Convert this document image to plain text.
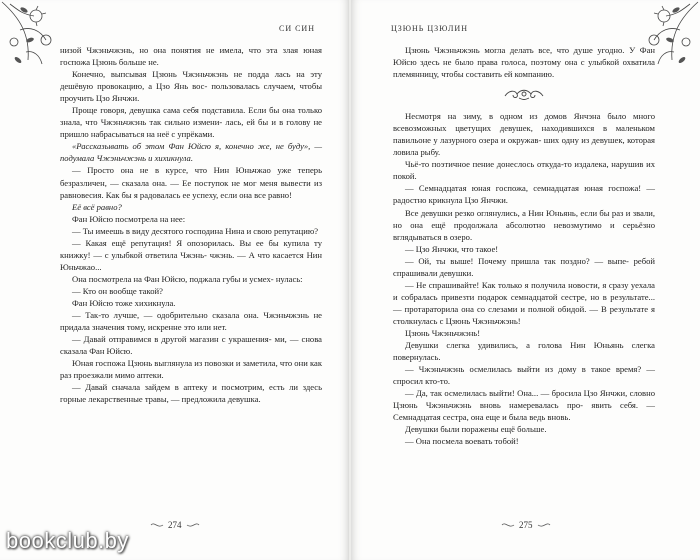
СИ СИН

низой Чжэньчжэнь, но она понятия не имела, что эта злая юная госпожа Цзюнь больше не.

Конечно, выпсывая Цзюнь Чжэньчжэнь не подда лась на эту дешёвую провокацию, а Цзо Янь вос- пользовалась случаем, чтобы проучить Цзо Янчжи.

Проще говоря, девушка сама себя подставила. Если бы она только знала, что Чжэньчжэнь так сильно измени- лась, ей бы и в голову не пришло набрасываться на неё с упрёками.

«Рассказывать об этом Фан Юйсю я, конечно же, не буду», — подумала Чжэньчжэнь и хихикнула.

— Просто она не в курсе, что Нин Юньчжао уже теперь безразличен, — сказала она. — Ее поступок не мог меня вывести из равновесия. Как бы я радовалась ее успеху, если она все равно!

Её всё равно?

Фан Юйсю посмотрела на нее:

— Ты имеешь в виду десятого господина Нина и свою репутацию?

— Какая ещё репутация! Я опозорилась. Вы ее бы купила ту книжку! — с улыбкой ответила Чжэнь- чжэнь. — А что касается Нин Юньчжао...

Она посмотрела на Фан Юйсю, поджала губы и усмех- нулась:

— Кто он вообще такой?

Фан Юйсю тоже хихикнула.

— Так-то лучше, — одобрительно сказала она. Чжэньчжэнь не придала значения тому, искренне это или нет.

— Давай отправимся в другой магазин с украшения- ми, — снова сказала Фан Юйсю.

Юная госпожа Цзюнь выглянула из повозки и заметила, что они как раз проезжали мимо аптеки.

— Давай сначала зайдем в аптеку и посмотрим, есть ли здесь горные лекарственные травы, — предложила девушка.

274
ЦЗЮНЬ ЦЗЮЛИН

Цзюнь Чжэньчжэнь могла делать все, что душе угодно. У Фан Юйсю здесь не было права голоса, поэтому она с улыбкой охватила племянницу, чтобы составить ей компанию.

Несмотря на зиму, в одном из домов Янчэна было много всевозможных цветущих девушек, находившихся в маленьком павильоне у лазурного озера и окружав- ших одну из девушек, которая ловила рыбу.

Чьё-то поэтичное пение донеслось откуда-то издалека, нарушив их покой.

— Семнадцатая юная госпожа, семнадцатая юная госпожа! — радостно крикнула Цзо Янчжи.

Все девушки резко оглянулись, а Нин Юньянь, если бы раз и звали, но она ещё продолжала абсолютно невозмутимо и серьёзно вглядываться в озеро.

— Цзо Янчжи, что такое!

— Ой, ты выше! Почему пришла так поздно? — выпе- ребой спрашивали девушки.

— Не спрашивайте! Как только я получила новости, я сразу уехала и собралась привезти подарок семнадцатой сестре, но в результате... — протараторила она со слезами и полной обидой. — В результате я столкнулась с Цзюнь Чжэньчжэнь!

Цзюнь Чжэньчжэнь!

Девушки слегка удивились, а голова Нин Юньянь слегка повернулась.

— Чжэньчжэнь осмелилась выйти из дому в такое время? — спросил кто-то.

— Да, так осмелилась выйти! Она... — бросила Цзо Янчжи, словно Цзюнь Чжэньчжэнь вновь намеревалась про- явить себя. — Семнадцатая сестра, она еще и была ведь вновь.

Девушки были поражены ещё больше.

— Она посмела воевать тобой!

275
bookclub.by
